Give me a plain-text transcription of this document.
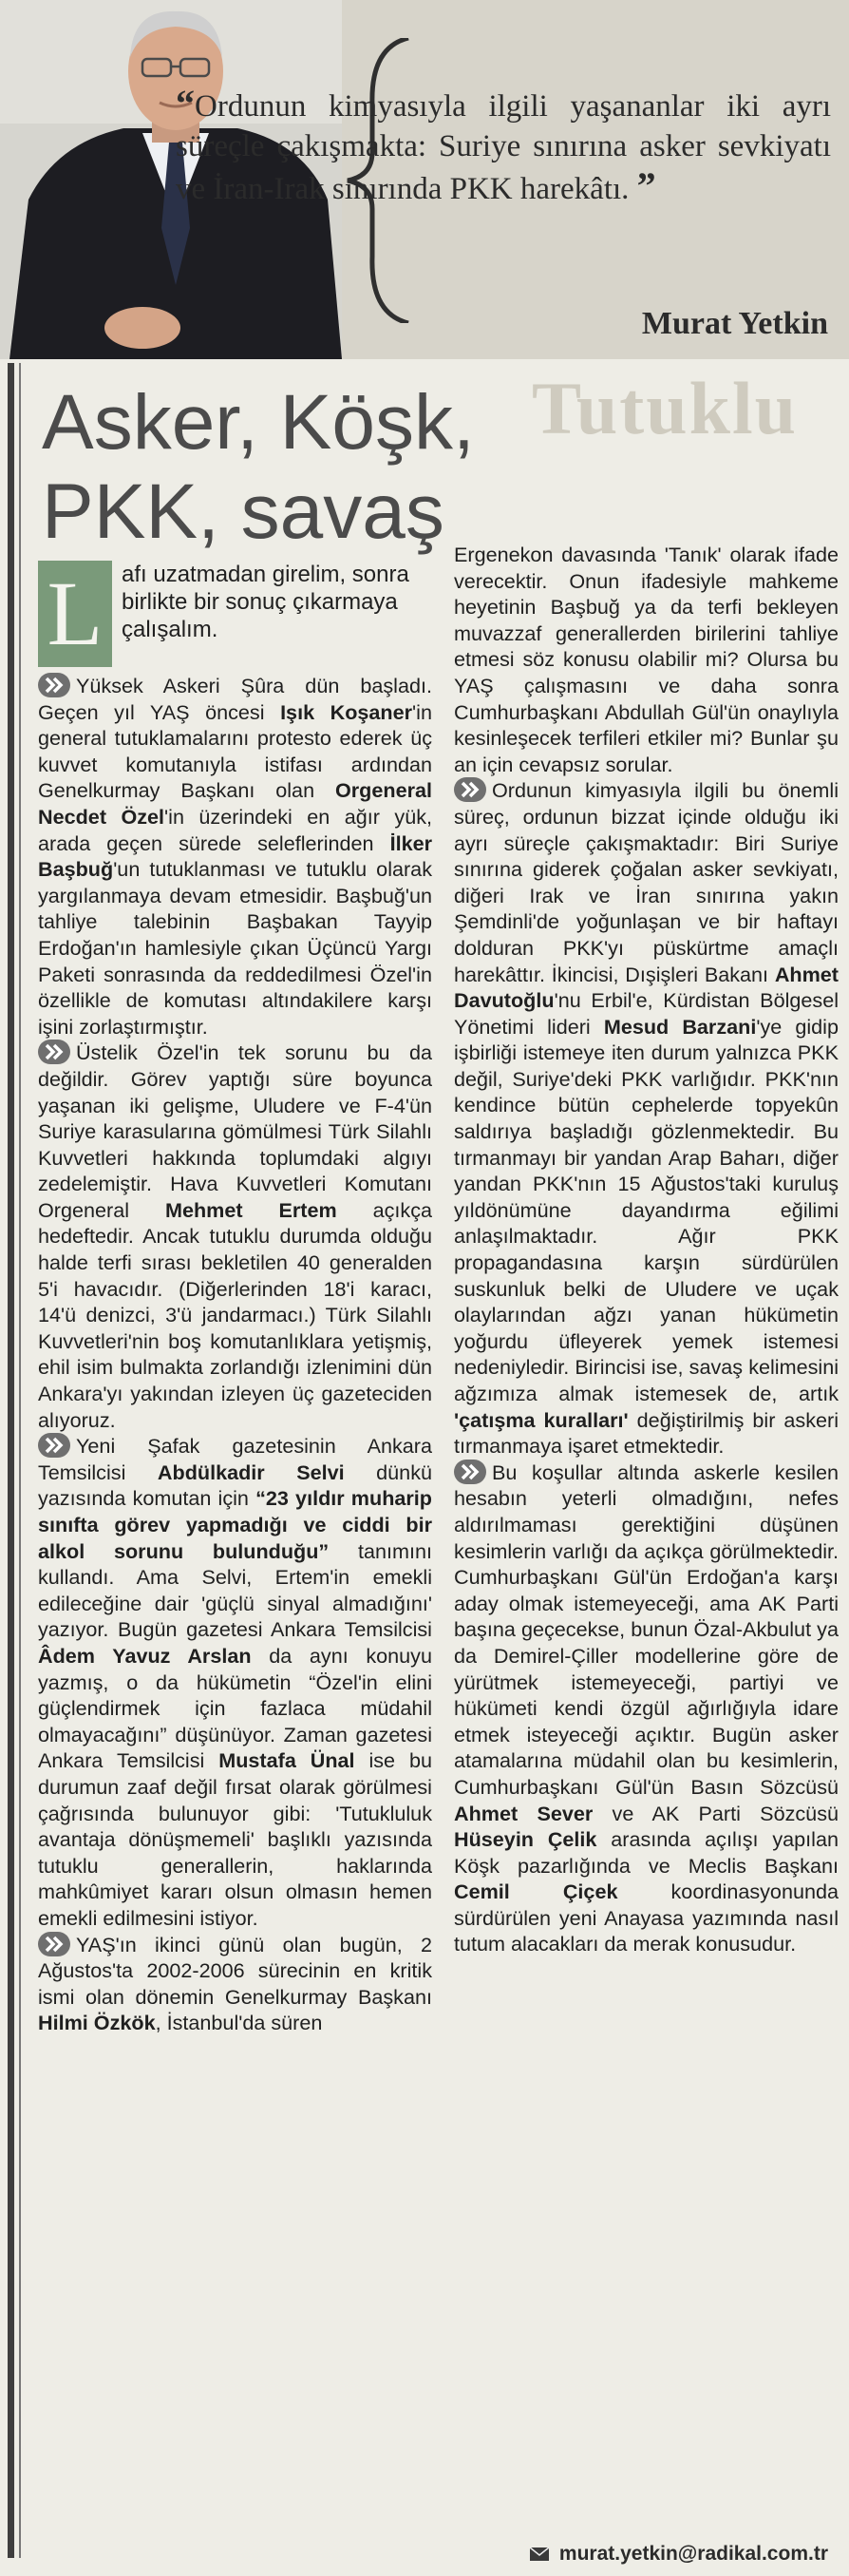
“Ordunun kimyasıyla ilgili yaşananlar iki ayrı süreçle çakışmakta: Suriye sınırına asker sevkiyatı ve İran-Irak sınırında PKK harekâtı. ”
Murat Yetkin
Tutuklu
Asker, Köşk,
PKK, savaş
L afı uzatmadan girelim, sonra birlikte bir sonuç çıkarmaya çalışalım.

Yüksek Askeri Şûra dün başladı. Geçen yıl YAŞ öncesi Işık Koşaner'in general tutuklamalarını protesto ederek üç kuvvet komutanıyla istifası ardından Genelkurmay Başkanı olan Orgeneral Necdet Özel'in üzerindeki en ağır yük, arada geçen sürede seleflerinden İlker Başbuğ'un tutuklanması ve tutuklu olarak yargılanmaya devam etmesidir. Başbuğ'un tahliye talebinin Başbakan Tayyip Erdoğan'ın hamlesiyle çıkan Üçüncü Yargı Paketi sonrasında da reddedilmesi Özel'in özellikle de komutası altındakilere karşı işini zorlaştırmıştır.

Üstelik Özel'in tek sorunu bu da değildir. Görev yaptığı süre boyunca yaşanan iki gelişme, Uludere ve F-4'ün Suriye karasularına gömülmesi Türk Silahlı Kuvvetleri hakkında toplumdaki algıyı zedelemiştir. Hava Kuvvetleri Komutanı Orgeneral Mehmet Ertem açıkça hedeftedir. Ancak tutuklu durumda olduğu halde terfi sırası bekletilen 40 generalden 5'i havacıdır. (Diğerlerinden 18'i karacı, 14'ü denizci, 3'ü jandarmacı.) Türk Silahlı Kuvvetleri'nin boş komutanlıklara yetişmiş, ehil isim bulmakta zorlandığı izlenimini dün Ankara'yı yakından izleyen üç gazeteciden alıyoruz.

Yeni Şafak gazetesinin Ankara Temsilcisi Abdülkadir Selvi dünkü yazısında komutan için “23 yıldır muharip sınıfta görev yapmadığı ve ciddi bir alkol sorunu bulunduğu” tanımını kullandı. Ama Selvi, Ertem'in emekli edileceğine dair 'güçlü sinyal almadığını' yazıyor. Bugün gazetesi Ankara Temsilcisi Âdem Yavuz Arslan da aynı konuyu yazmış, o da hükümetin “Özel'in elini güçlendirmek için fazlaca müdahil olmayacağını” düşünüyor. Zaman gazetesi Ankara Temsilcisi Mustafa Ünal ise bu durumun zaaf değil fırsat olarak görülmesi çağrısında bulunuyor gibi: 'Tutukluluk avantaja dönüşmemeli' başlıklı yazısında tutuklu generallerin, haklarında mahkûmiyet kararı olsun olmasın hemen emekli edilmesini istiyor.

YAŞ'ın ikinci günü olan bugün, 2 Ağustos'ta 2002-2006 sürecinin en kritik ismi olan dönemin Genelkurmay Başkanı Hilmi Özkök, İstanbul'da süren

Ergenekon davasında 'Tanık' olarak ifade verecektir. Onun ifadesiyle mahkeme heyetinin Başbuğ ya da terfi bekleyen muvazzaf generallerden birilerini tahliye etmesi söz konusu olabilir mi? Olursa bu YAŞ çalışmasını ve daha sonra Cumhurbaşkanı Abdullah Gül'ün onaylıyla kesinleşecek terfileri etkiler mi? Bunlar şu an için cevapsız sorular.

Ordunun kimyasıyla ilgili bu önemli süreç, ordunun bizzat içinde olduğu iki ayrı süreçle çakışmaktadır: Biri Suriye sınırına giderek çoğalan asker sevkiyatı, diğeri Irak ve İran sınırına yakın Şemdinli'de yoğunlaşan ve bir haftayı dolduran PKK'yı püskürtme amaçlı harekâttır. İkincisi, Dışişleri Bakanı Ahmet Davutoğlu'nu Erbil'e, Kürdistan Bölgesel Yönetimi lideri Mesud Barzani'ye gidip işbirliği istemeye iten durum yalnızca PKK değil, Suriye'deki PKK varlığıdır. PKK'nın kendince bütün cephelerde topyekûn saldırıya başladığı gözlenmektedir. Bu tırmanmayı bir yandan Arap Baharı, diğer yandan PKK'nın 15 Ağustos'taki kuruluş yıldönümüne dayandırma eğilimi anlaşılmaktadır. Ağır PKK propagandasına karşın sürdürülen suskunluk belki de Uludere ve uçak olaylarından ağzı yanan hükümetin yoğurdu üfleyerek yemek istemesi nedeniyledir. Birincisi ise, savaş kelimesini ağzımıza almak istemesek de, artık 'çatışma kuralları' değiştirilmiş bir askeri tırmanmaya işaret etmektedir.

Bu koşullar altında askerle kesilen hesabın yeterli olmadığını, nefes aldırılmaması gerektiğini düşünen kesimlerin varlığı da açıkça görülmektedir. Cumhurbaşkanı Gül'ün Erdoğan'a karşı aday olmak istemeyeceği, ama AK Parti başına geçecekse, bunun Özal-Akbulut ya da Demirel-Çiller modellerine göre de yürütmek istemeyeceği, partiyi ve hükümeti kendi özgül ağırlığıyla idare etmek isteyeceği açıktır. Bugün asker atamalarına müdahil olan bu kesimlerin, Cumhurbaşkanı Gül'ün Basın Sözcüsü Ahmet Sever ve AK Parti Sözcüsü Hüseyin Çelik arasında açılışı yapılan Köşk pazarlığında ve Meclis Başkanı Cemil Çiçek koordinasyonunda sürdürülen yeni Anayasa yazımında nasıl tutum alacakları da merak konusudur.

murat.yetkin@radikal.com.tr
